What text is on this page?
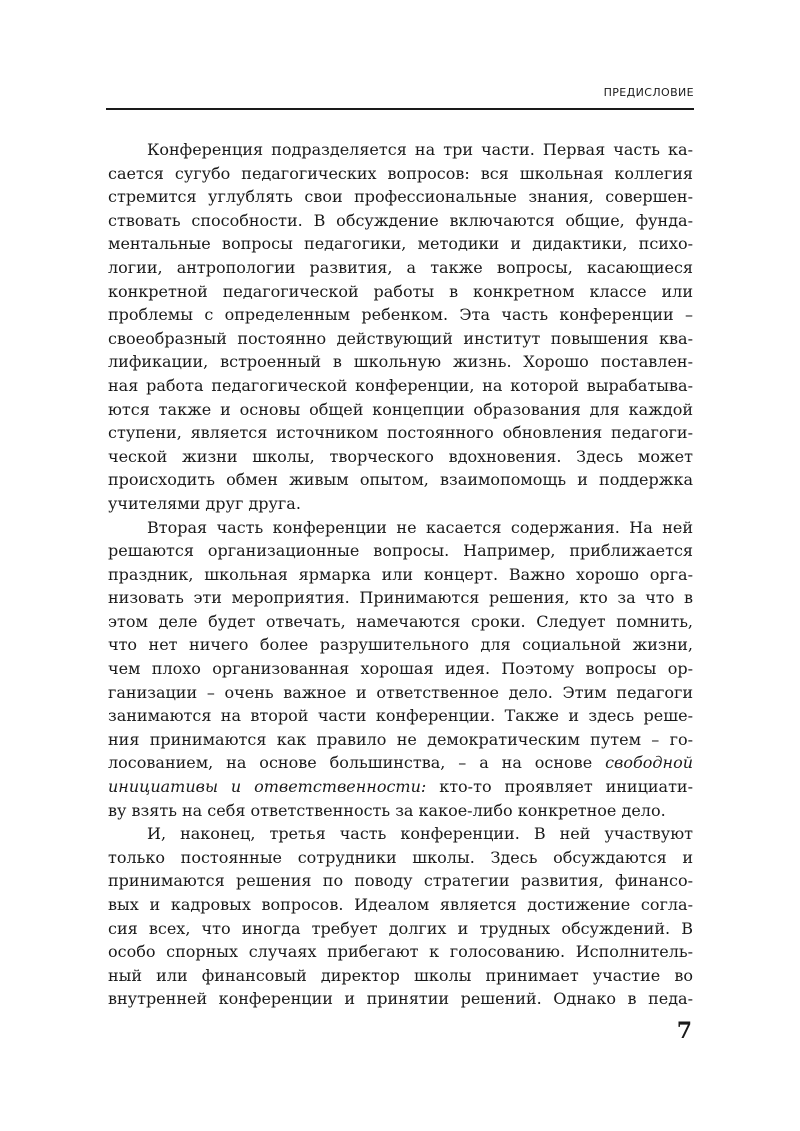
ПРЕДИСЛОВИЕ
Конференция подразделяется на три части. Первая часть ка-
сается сугубо педагогических вопросов: вся школьная коллегия
стремится углублять свои профессиональные знания, совершен-
ствовать способности. В обсуждение включаются общие, фунда-
ментальные вопросы педагогики, методики и дидактики, психо-
логии, антропологии развития, а также вопросы, касающиеся
конкретной педагогической работы в конкретном классе или
проблемы с определенным ребенком. Эта часть конференции –
своеобразный постоянно действующий институт повышения ква-
лификации, встроенный в школьную жизнь. Хорошо поставлен-
ная работа педагогической конференции, на которой вырабатыва-
ются также и основы общей концепции образования для каждой
ступени, является источником постоянного обновления педагоги-
ческой жизни школы, творческого вдохновения. Здесь может
происходить обмен живым опытом, взаимопомощь и поддержка
учителями друг друга.
Вторая часть конференции не касается содержания. На ней
решаются организационные вопросы. Например, приближается
праздник, школьная ярмарка или концерт. Важно хорошо орга-
низовать эти мероприятия. Принимаются решения, кто за что в
этом деле будет отвечать, намечаются сроки. Следует помнить,
что нет ничего более разрушительного для социальной жизни,
чем плохо организованная хорошая идея. Поэтому вопросы ор-
ганизации – очень важное и ответственное дело. Этим педагоги
занимаются на второй части конференции. Также и здесь реше-
ния принимаются как правило не демократическим путем – го-
лосованием, на основе большинства, – а на основе свободной
инициативы и ответственности: кто-то проявляет инициати-
ву взять на себя ответственность за какое-либо конкретное дело.
И, наконец, третья часть конференции. В ней участвуют
только постоянные сотрудники школы. Здесь обсуждаются и
принимаются решения по поводу стратегии развития, финансо-
вых и кадровых вопросов. Идеалом является достижение согла-
сия всех, что иногда требует долгих и трудных обсуждений. В
особо спорных случаях прибегают к голосованию. Исполнитель-
ный или финансовый директор школы принимает участие во
внутренней конференции и принятии решений. Однако в педа-
7
